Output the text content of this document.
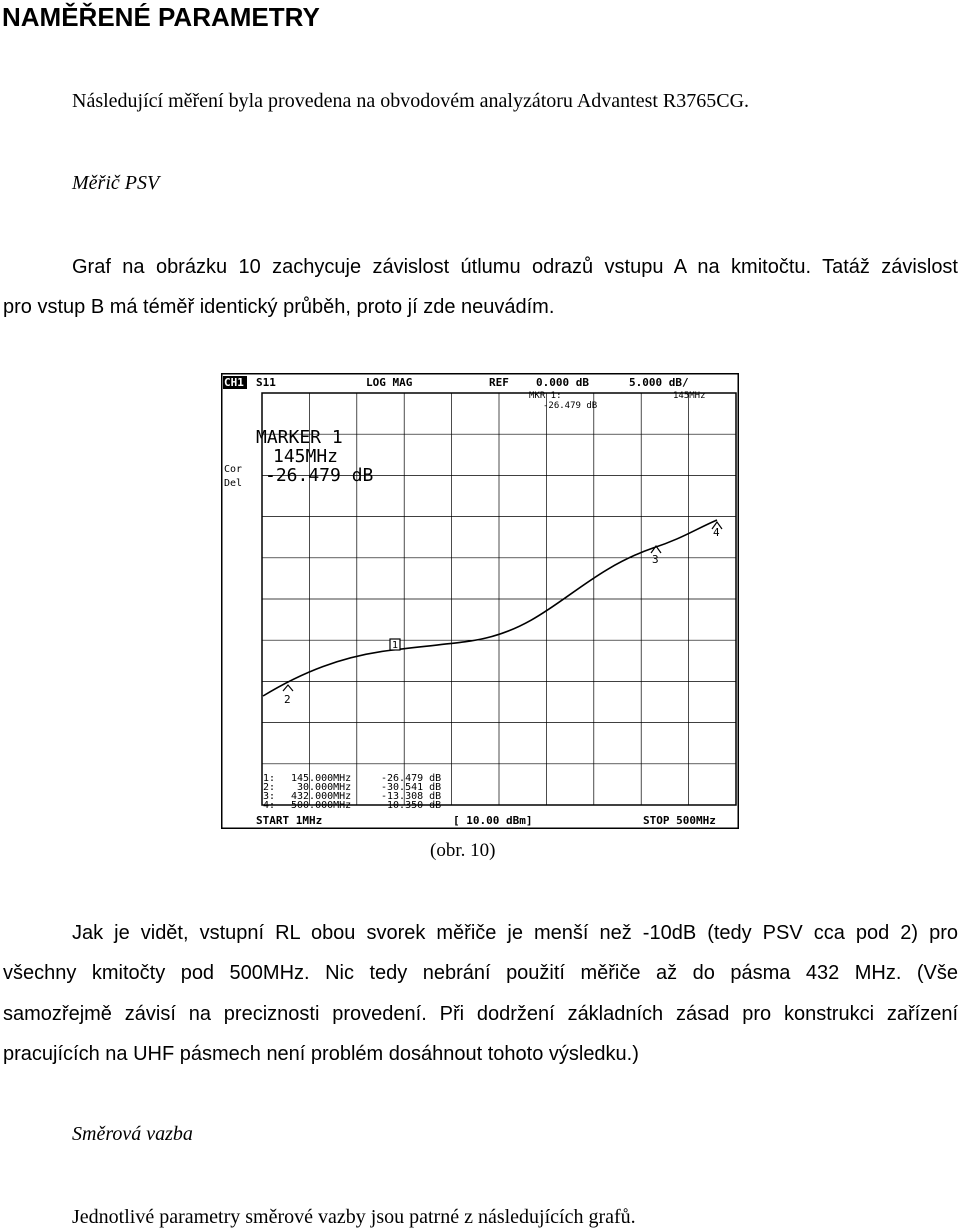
NAMĚŘENÉ PARAMETRY
Následující měření byla provedena na obvodovém analyzátoru Advantest R3765CG.
Měřič PSV
Graf na obrázku 10 zachycuje závislost útlumu odrazů vstupu A na kmitočtu. Tatáž závislost
pro vstup B má téměř identický průběh, proto jí zde neuvádím.
CH1 S11	LOG MAG	REF 0.000 dB	5.000 dB/
MKR 1:
-26.479 dB
145MHz
MARKER 1
145MHz
-26.479 dB
Cor
Del
1
2
3
4
1: 145.000MHz	-26.479 dB
2: 30.000MHz	-30.541 dB
3: 432.000MHz	-13.308 dB
4: 500.000MHz	-10.350 dB
START 1MHz	[ 10.00 dBm]	STOP 500MHz
(obr. 10)
Jak je vidět, vstupní RL obou svorek měřiče je menší než -10dB (tedy PSV cca pod 2) pro
všechny kmitočty pod 500MHz. Nic tedy nebrání použití měřiče až do pásma 432 MHz. (Vše
samozřejmě závisí na preciznosti provedení. Při dodržení základních zásad pro konstrukci zařízení
pracujících na UHF pásmech není problém dosáhnout tohoto výsledku.)
Směrová vazba
Jednotlivé parametry směrové vazby jsou patrné z následujících grafů.
